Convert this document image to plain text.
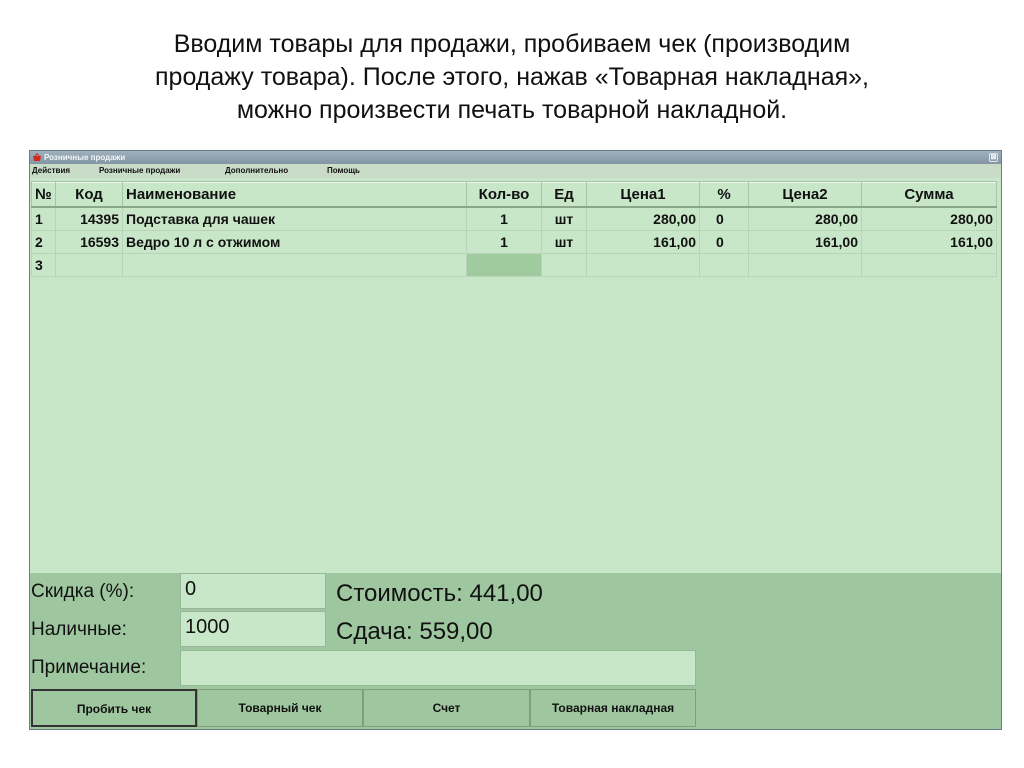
Вводим товары для продажи, пробиваем чек (производим
продажу товара). После этого, нажав «Товарная накладная»,
можно произвести печать товарной накладной.
Розничные продажи	⊠
Действия	Розничные продажи	Дополнительно	Помощь
№	Код	Наименование	Кол-во	Ед	Цена1	%	Цена2	Сумма
1	14395	Подставка для чашек	1	шт	280,00	0	280,00	280,00
2	16593	Ведро 10 л с отжимом	1	шт	161,00	0	161,00	161,00
3								
Скидка (%):	0
Наличные:	1000
Примечание:
Стоимость: 441,00
Сдача: 559,00
Пробить чек	Товарный чек	Счет	Товарная накладная
